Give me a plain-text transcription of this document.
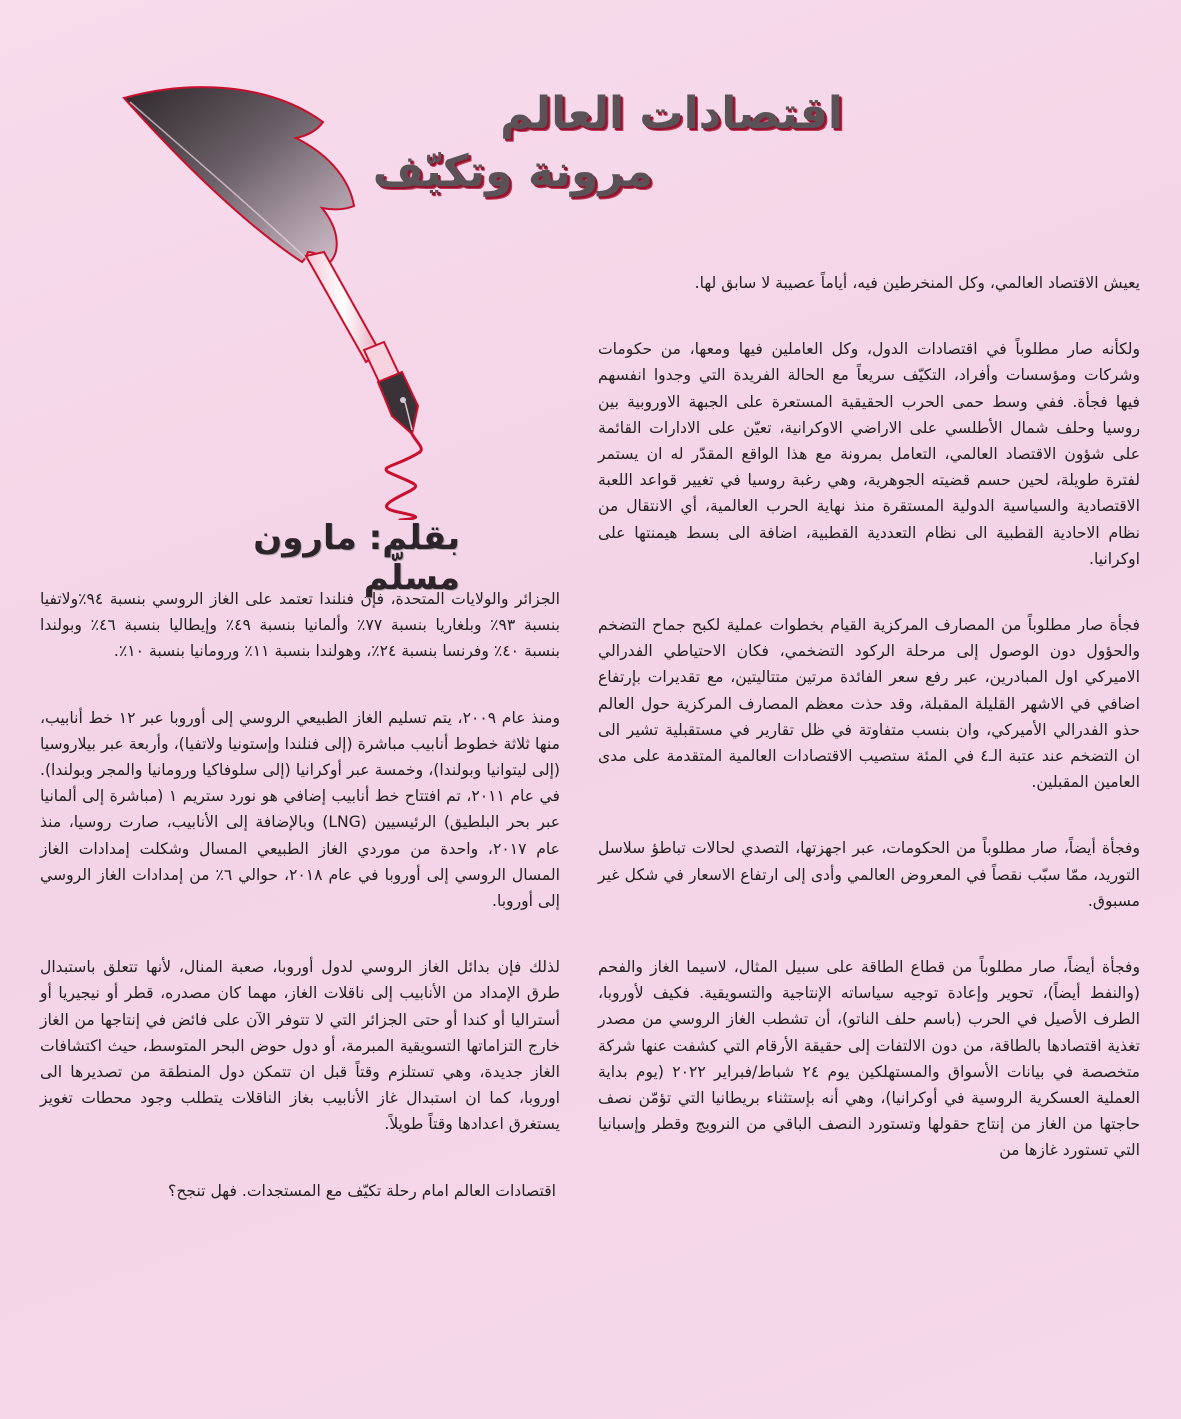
اقتصادات العالم
مرونة وتكيّف
بقلم: مارون مسلّم

يعيش الاقتصاد العالمي، وكل المنخرطين فيه، أياماً عصيبة لا سابق لها.

ولكأنه صار مطلوباً في اقتصادات الدول، وكل العاملين فيها ومعها، من حكومات وشركات ومؤسسات وأفراد، التكيّف سريعاً مع الحالة الفريدة التي وجدوا انفسهم فيها فجأة. ففي وسط حمى الحرب الحقيقية المستعرة على الجبهة الاوروبية بين روسيا وحلف شمال الأطلسي على الاراضي الاوكرانية، تعيّن على الادارات القائمة على شؤون الاقتصاد العالمي، التعامل بمرونة مع هذا الواقع المقدّر له ان يستمر لفترة طويلة، لحين حسم قضيته الجوهرية، وهي رغبة روسيا في تغيير قواعد اللعبة الاقتصادية والسياسية الدولية المستقرة منذ نهاية الحرب العالمية، أي الانتقال من نظام الاحادية القطبية الى نظام التعددية القطبية، اضافة الى بسط هيمنتها على اوكرانيا.

فجأة صار مطلوباً من المصارف المركزية القيام بخطوات عملية لكبح جماح التضخم والحؤول دون الوصول إلى مرحلة الركود التضخمي، فكان الاحتياطي الفدرالي الاميركي اول المبادرين، عبر رفع سعر الفائدة مرتين متتاليتين، مع تقديرات بإرتفاع اضافي في الاشهر القليلة المقبلة، وقد حذت معظم المصارف المركزية حول العالم حذو الفدرالي الأميركي، وان بنسب متفاوتة في ظل تقارير في مستقبلية تشير الى ان التضخم عند عتبة الـ٤ في المئة ستصيب الاقتصادات العالمية المتقدمة على مدى العامين المقبلين.

وفجأة أيضاً، صار مطلوباً من الحكومات، عبر اجهزتها، التصدي لحالات تباطؤ سلاسل التوريد، ممّا سبّب نقصاً في المعروض العالمي وأدى إلى ارتفاع الاسعار في شكل غير مسبوق.

وفجأة أيضاً، صار مطلوباً من قطاع الطاقة على سبيل المثال، لاسيما الغاز والفحم (والنفط أيضاً)، تحوير وإعادة توجيه سياساته الإنتاجية والتسويقية. فكيف لأوروبا، الطرف الأصيل في الحرب (باسم حلف الناتو)، أن تشطب الغاز الروسي من مصدر تغذية اقتصادها بالطاقة، من دون الالتفات إلى حقيقة الأرقام التي كشفت عنها شركة متخصصة في بيانات الأسواق والمستهلكين يوم ٢٤ شباط/فبراير ٢٠٢٢ (يوم بداية العملية العسكرية الروسية في أوكرانيا)، وهي أنه بإستثناء بريطانيا التي تؤمّن نصف حاجتها من الغاز من إنتاج حقولها وتستورد النصف الباقي من النرويج وقطر وإسبانيا التي تستورد غازها من

الجزائر والولايات المتحدة، فإن فنلندا تعتمد على الغاز الروسي بنسبة ٩٤٪ولاتفيا بنسبة ٩٣٪ وبلغاريا بنسبة ٧٧٪ وألمانيا بنسبة ٤٩٪ وإيطاليا بنسبة ٤٦٪ وبولندا بنسبة ٤٠٪ وفرنسا بنسبة ٢٤٪، وهولندا بنسبة ١١٪ ورومانيا بنسبة ١٠٪.

ومنذ عام ٢٠٠٩، يتم تسليم الغاز الطبيعي الروسي إلى أوروبا عبر ١٢ خط أنابيب، منها ثلاثة خطوط أنابيب مباشرة (إلى فنلندا وإستونيا ولاتفيا)، وأربعة عبر بيلاروسيا (إلى ليتوانيا وبولندا)، وخمسة عبر أوكرانيا (إلى سلوفاكيا ورومانيا والمجر وبولندا). في عام ٢٠١١، تم افتتاح خط أنابيب إضافي هو نورد ستريم ١ (مباشرة إلى ألمانيا عبر بحر البلطيق) الرئيسيين (LNG) وبالإضافة إلى الأنابيب، صارت روسيا، منذ عام ٢٠١٧، واحدة من موردي الغاز الطبيعي المسال وشكلت إمدادات الغاز المسال الروسي إلى أوروبا في عام ٢٠١٨، حوالي ٦٪ من إمدادات الغاز الروسي إلى أوروبا.

لذلك فإن بدائل الغاز الروسي لدول أوروبا، صعبة المنال، لأنها تتعلق باستبدال طرق الإمداد من الأنابيب إلى ناقلات الغاز، مهما كان مصدره، قطر أو نيجيريا أو أستراليا أو كندا أو حتى الجزائر التي لا تتوفر الآن على فائض في إنتاجها من الغاز خارج التزاماتها التسويقية المبرمة، أو دول حوض البحر المتوسط، حيث اكتشافات الغاز جديدة، وهي تستلزم وقتاً قبل ان تتمكن دول المنطقة من تصديرها الى اوروبا، كما ان استبدال غاز الأنابيب بغاز الناقلات يتطلب وجود محطات تغويز يستغرق اعدادها وقتاً طويلاً.

اقتصادات العالم امام رحلة تكيّف مع المستجدات. فهل تنجح؟
